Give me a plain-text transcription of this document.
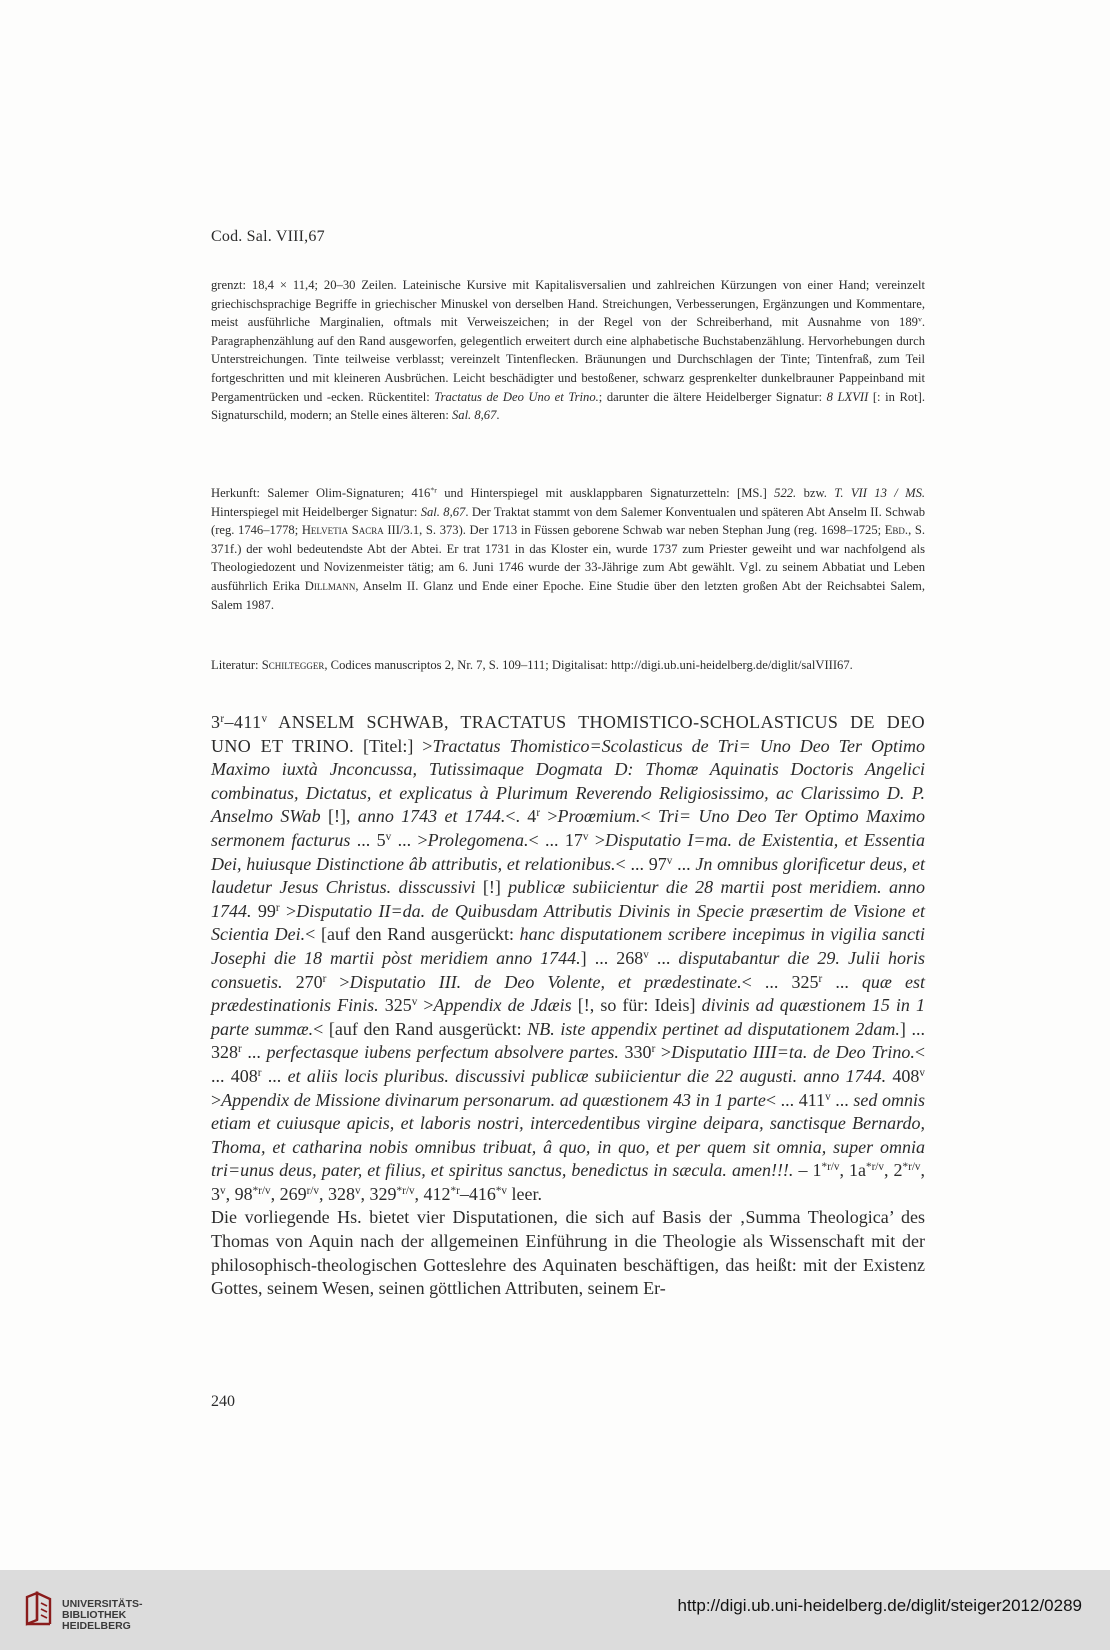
Cod. Sal. VIII,67

grenzt: 18,4 × 11,4; 20–30 Zeilen. Lateinische Kursive mit Kapitalisversalien und zahlreichen Kürzungen von einer Hand; vereinzelt griechischsprachige Begriffe in griechischer Minuskel von derselben Hand. Streichungen, Verbesserungen, Ergänzungen und Kommentare, meist ausführliche Marginalien, oftmals mit Verweiszeichen; in der Regel von der Schreiberhand, mit Ausnahme von 189$^v$. Paragraphenzählung auf den Rand ausgeworfen, gelegentlich erweitert durch eine alphabetische Buchstabenzählung. Hervorhebungen durch Unterstreichungen. Tinte teilweise verblasst; vereinzelt Tintenflecken. Bräunungen und Durchschlagen der Tinte; Tintenfraß, zum Teil fortgeschritten und mit kleineren Ausbrüchen. Leicht beschädigter und bestoßener, schwarz gesprenkelter dunkelbrauner Pappeinband mit Pergamentrücken und -ecken. Rückentitel: Tractatus de Deo Uno et Trino.; darunter die ältere Heidelberger Signatur: 8 LXVII [: in Rot]. Signaturschild, modern; an Stelle eines älteren: Sal. 8,67.

Herkunft: Salemer Olim-Signaturen; 416$^{*r}$ und Hinterspiegel mit ausklappbaren Signaturzetteln: [MS.] 522. bzw. T. VII 13 / MS. Hinterspiegel mit Heidelberger Signatur: Sal. 8,67. Der Traktat stammt von dem Salemer Konventualen und späteren Abt Anselm II. Schwab (reg. 1746–1778; Helvetia Sacra III/3.1, S. 373). Der 1713 in Füssen geborene Schwab war neben Stephan Jung (reg. 1698–1725; Ebd., S. 371f.) der wohl bedeutendste Abt der Abtei. Er trat 1731 in das Kloster ein, wurde 1737 zum Priester geweiht und war nachfolgend als Theologiedozent und Novizenmeister tätig; am 6. Juni 1746 wurde der 33-Jährige zum Abt gewählt. Vgl. zu seinem Abbatiat und Leben ausführlich Erika Dillmann, Anselm II. Glanz und Ende einer Epoche. Eine Studie über den letzten großen Abt der Reichsabtei Salem, Salem 1987.

Literatur: Schiltegger, Codices manuscriptos 2, Nr. 7, S. 109–111; Digitalisat: http://digi.ub.uni-heidelberg.de/diglit/salVIII67.

3$^r$–411$^v$ ANSELM SCHWAB, TRACTATUS THOMISTICO-SCHOLASTICUS DE DEO UNO ET TRINO. [Titel:] >Tractatus Thomistico=Scolasticus de Tri= Uno Deo Ter Optimo Maximo iuxtà Jnconcussa, Tutissimaque Dogmata D: Thomæ Aquinatis Doctoris Angelici combinatus, Dictatus, et explicatus à Plurimum Reverendo Religiosissimo, ac Clarissimo D. P. Anselmo SWab [!], anno 1743 et 1744.<. $4^r$ >Proœmium.< Tri= Uno Deo Ter Optimo Maximo sermonem facturus ... 5$^v$ ... >Prolegomena.< ... $17^v$ >Disputatio I=ma. de Existentia, et Essentia Dei, huiusque Distinctione âb attributis, et relationibus.< ... 97$^v$ ... Jn omnibus glorificetur deus, et laudetur Jesus Christus. disscussivi [!] publicæ subiicientur die 28 martii post meridiem. anno 1744. $99^r$ >Disputatio II=da. de Quibusdam Attributis Divinis in Specie præsertim de Visione et Scientia Dei.< [auf den Rand ausgerückt: hanc disputationem scribere incepimus in vigilia sancti Josephi die 18 martii pòst meridiem anno 1744.] ... 268$^v$ ... disputabantur die 29. Julii horis consuetis. $270^r$ >Disputatio III. de Deo Volente, et prædestinate.< ... 325$^r$ ... quæ est prædestinationis Finis. $325^v$ >Appendix de Jdæis [!, so für: Ideis] divinis ad quæstionem 15 in 1 parte summæ.< [auf den Rand ausgerückt: NB. iste appendix pertinet ad disputationem 2dam.] ... 328$^r$ ... perfectasque iubens perfectum absolvere partes. $330^r$ >Disputatio IIII=ta. de Deo Trino.< ... 408$^r$ ... et aliis locis pluribus. discussivi publicæ subiicientur die 22 augusti. anno 1744. $408^v$ >Appendix de Missione divinarum personarum. ad quæstionem 43 in 1 parte< ... 411$^v$ ... sed omnis etiam et cuiusque apicis, et laboris nostri, intercedentibus virgine deipara, sanctisque Bernardo, Thoma, et catharina nobis omnibus tribuat, â quo, in quo, et per quem sit omnia, super omnia tri=unus deus, pater, et filius, et spiritus sanctus, benedictus in sæcula. amen!!!. – $1^{*r/v}$, $1a^{*r/v}$, $2^{*r/v}$, 3$^v$, $98^{*r/v}$, $269^{r/v}$, 328$^v$, $329^{*r/v}$, 412$^{*r}$–416$^{*v}$ leer.

Die vorliegende Hs. bietet vier Disputationen, die sich auf Basis der ‚Summa Theologica’ des Thomas von Aquin nach der allgemeinen Einführung in die Theologie als Wissenschaft mit der philosophisch-theologischen Gotteslehre des Aquinaten beschäftigen, das heißt: mit der Existenz Gottes, seinem Wesen, seinen göttlichen Attributen, seinem Er-

240
UNIVERSITÄTS-
BIBLIOTHEK
HEIDELBERG
http://digi.ub.uni-heidelberg.de/diglit/steiger2012/0289
